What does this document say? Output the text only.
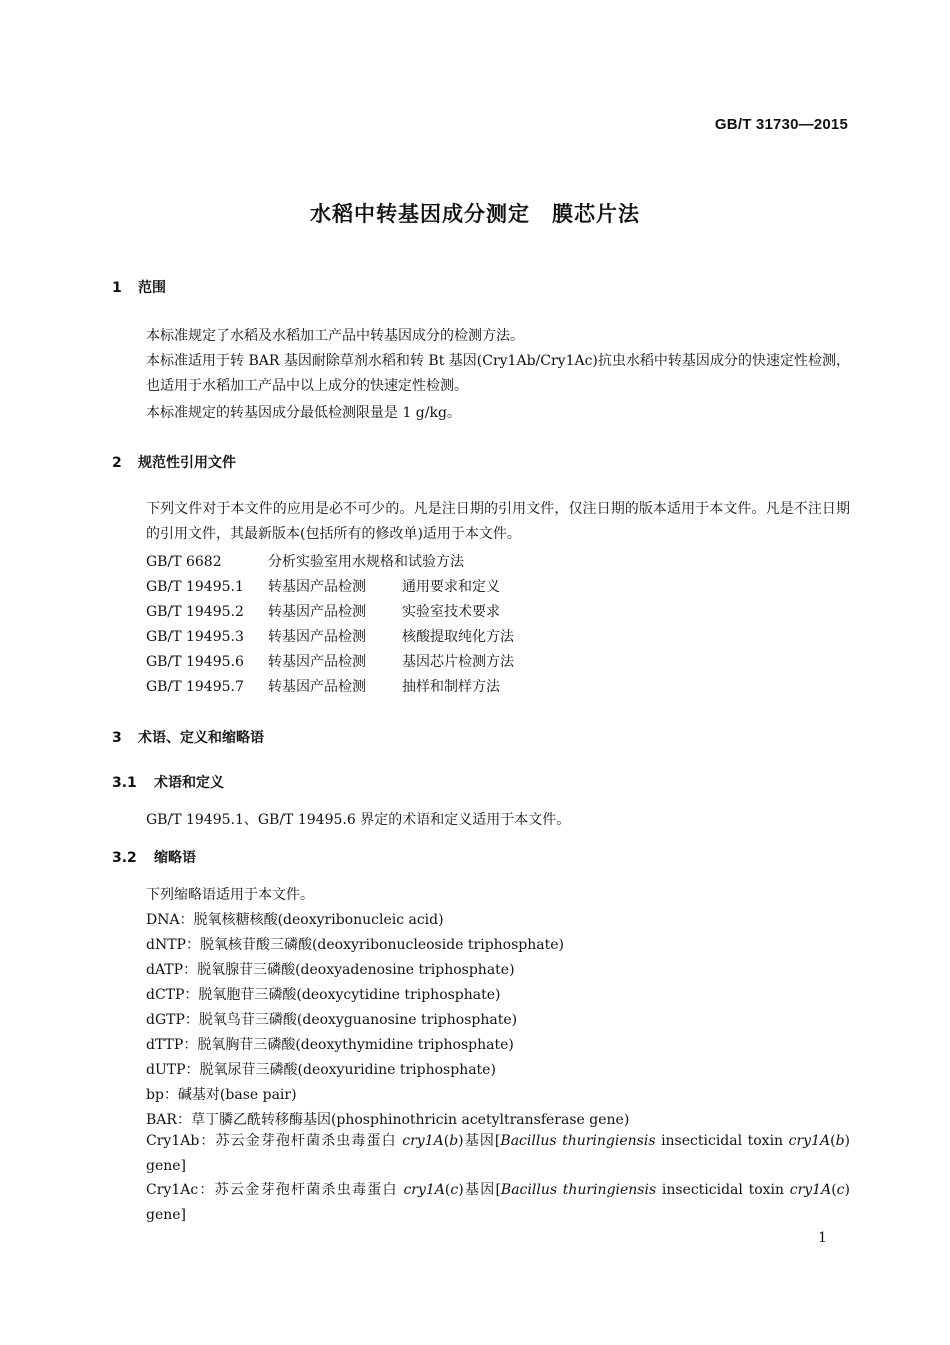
GB/T 31730—2015
水稻中转基因成分测定　膜芯片法
1 范围
本标准规定了水稻及水稻加工产品中转基因成分的检测方法。
本标准适用于转 BAR 基因耐除草剂水稻和转 Bt 基因(Cry1Ab/Cry1Ac)抗虫水稻中转基因成分的快速定性检测，也适用于水稻加工产品中以上成分的快速定性检测。
本标准规定的转基因成分最低检测限量是 1 g/kg。
2 规范性引用文件
下列文件对于本文件的应用是必不可少的。凡是注日期的引用文件，仅注日期的版本适用于本文件。凡是不注日期的引用文件，其最新版本(包括所有的修改单)适用于本文件。
GB/T 6682	分析实验室用水规格和试验方法
GB/T 19495.1 转基因产品检测	通用要求和定义
GB/T 19495.2 转基因产品检测	实验室技术要求
GB/T 19495.3 转基因产品检测	核酸提取纯化方法
GB/T 19495.6 转基因产品检测	基因芯片检测方法
GB/T 19495.7 转基因产品检测	抽样和制样方法
3 术语、定义和缩略语
3.1 术语和定义
GB/T 19495.1、GB/T 19495.6 界定的术语和定义适用于本文件。
3.2 缩略语
下列缩略语适用于本文件。
DNA：脱氧核糖核酸(deoxyribonucleic acid)
dNTP：脱氧核苷酸三磷酸(deoxyribonucleoside triphosphate)
dATP：脱氧腺苷三磷酸(deoxyadenosine triphosphate)
dCTP：脱氧胞苷三磷酸(deoxycytidine triphosphate)
dGTP：脱氧鸟苷三磷酸(deoxyguanosine triphosphate)
dTTP：脱氧胸苷三磷酸(deoxythymidine triphosphate)
dUTP：脱氧尿苷三磷酸(deoxyuridine triphosphate)
bp：碱基对(base pair)
BAR：草丁膦乙酰转移酶基因(phosphinothricin acetyltransferase gene)
Cry1Ab：苏云金芽孢杆菌杀虫毒蛋白 cry1A(b)基因[Bacillus thuringiensis insecticidal toxin cry1A(b) gene]
Cry1Ac：苏云金芽孢杆菌杀虫毒蛋白 cry1A(c)基因[Bacillus thuringiensis insecticidal toxin cry1A(c) gene]
1
